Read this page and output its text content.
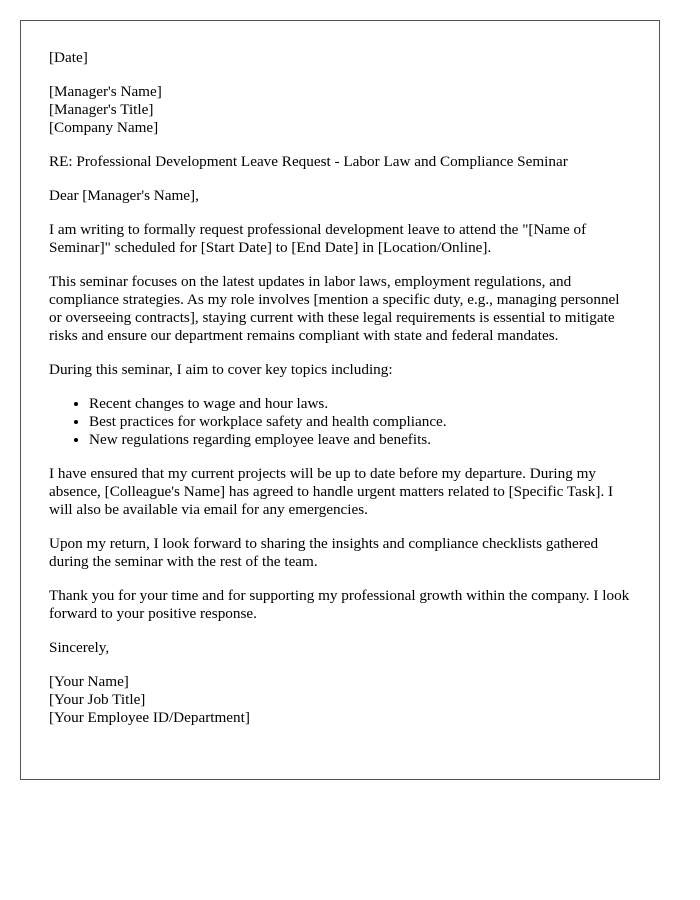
[Date]

[Manager's Name]
[Manager's Title]
[Company Name]

RE: Professional Development Leave Request - Labor Law and Compliance Seminar

Dear [Manager's Name],

I am writing to formally request professional development leave to attend the "[Name of Seminar]" scheduled for [Start Date] to [End Date] in [Location/Online].

This seminar focuses on the latest updates in labor laws, employment regulations, and compliance strategies. As my role involves [mention a specific duty, e.g., managing personnel or overseeing contracts], staying current with these legal requirements is essential to mitigate risks and ensure our department remains compliant with state and federal mandates.

During this seminar, I aim to cover key topics including:

• Recent changes to wage and hour laws.
• Best practices for workplace safety and health compliance.
• New regulations regarding employee leave and benefits.

I have ensured that my current projects will be up to date before my departure. During my absence, [Colleague's Name] has agreed to handle urgent matters related to [Specific Task]. I will also be available via email for any emergencies.

Upon my return, I look forward to sharing the insights and compliance checklists gathered during the seminar with the rest of the team.

Thank you for your time and for supporting my professional growth within the company. I look forward to your positive response.

Sincerely,

[Your Name]
[Your Job Title]
[Your Employee ID/Department]
